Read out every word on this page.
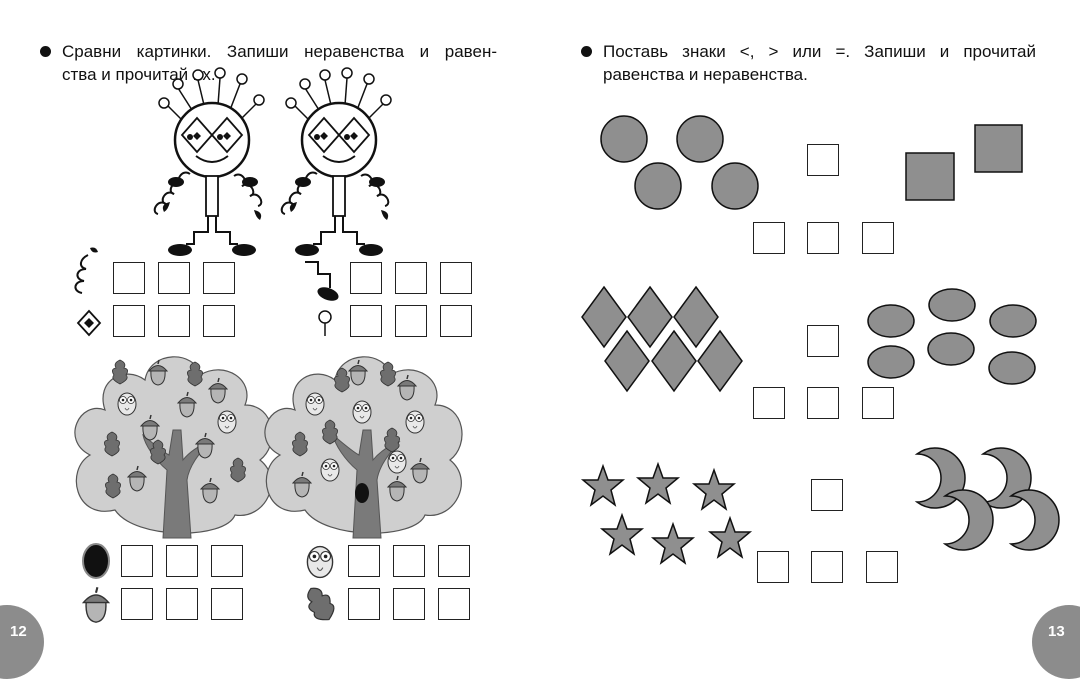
Сравни картинки. Запиши неравенства и равен-
ства и прочитай их.
12
Поставь знаки <, > или =. Запиши и прочитай
равенства и неравенства.
13
